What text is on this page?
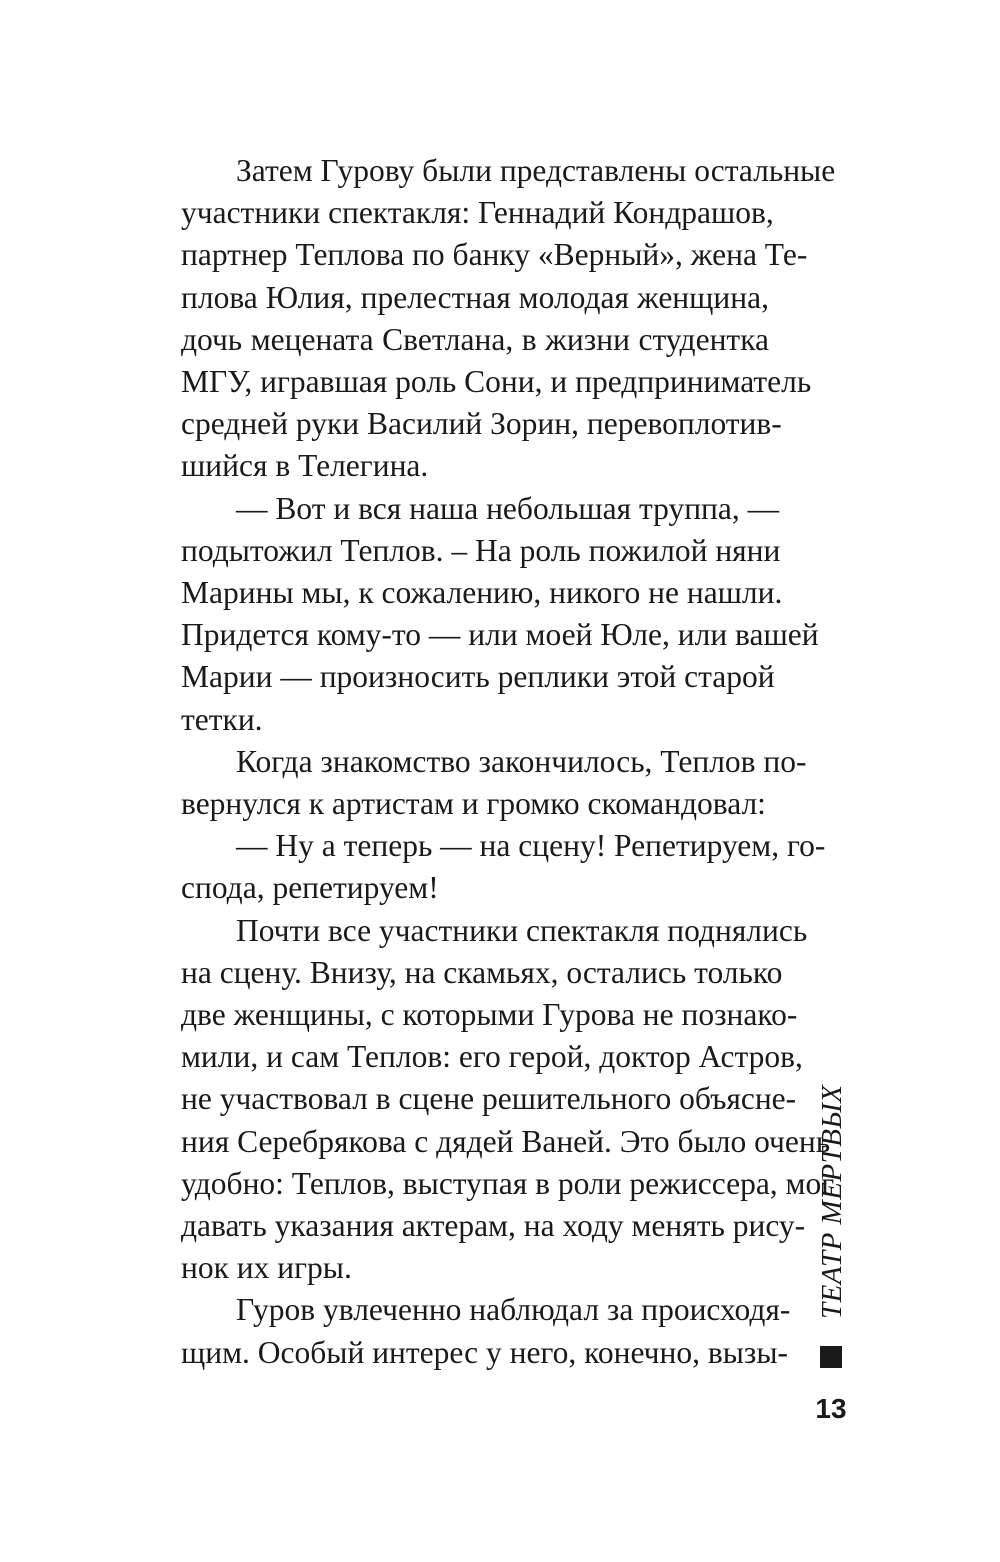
Затем Гурову были представлены остальные
участники спектакля: Геннадий Кондрашов,
партнер Теплова по банку «Верный», жена Те-
плова Юлия, прелестная молодая женщина,
дочь мецената Светлана, в жизни студентка
МГУ, игравшая роль Сони, и предприниматель
средней руки Василий Зорин, перевоплотив-
шийся в Телегина.
— Вот и вся наша небольшая труппа, —
подытожил Теплов. – На роль пожилой няни
Марины мы, к сожалению, никого не нашли.
Придется кому-то — или моей Юле, или вашей
Марии — произносить реплики этой старой
тетки.
Когда знакомство закончилось, Теплов по-
вернулся к артистам и громко скомандовал:
— Ну а теперь — на сцену! Репетируем, го-
спода, репетируем!
Почти все участники спектакля поднялись
на сцену. Внизу, на скамьях, остались только
две женщины, с которыми Гурова не познако-
мили, и сам Теплов: его герой, доктор Астров,
не участвовал в сцене решительного объясне-
ния Серебрякова с дядей Ваней. Это было очень
удобно: Теплов, выступая в роли режиссера, мог
давать указания актерам, на ходу менять рису-
нок их игры.
Гуров увлеченно наблюдал за происходя-
щим. Особый интерес у него, конечно, вызы-
ТЕАТР МЕРТВЫХ
13
